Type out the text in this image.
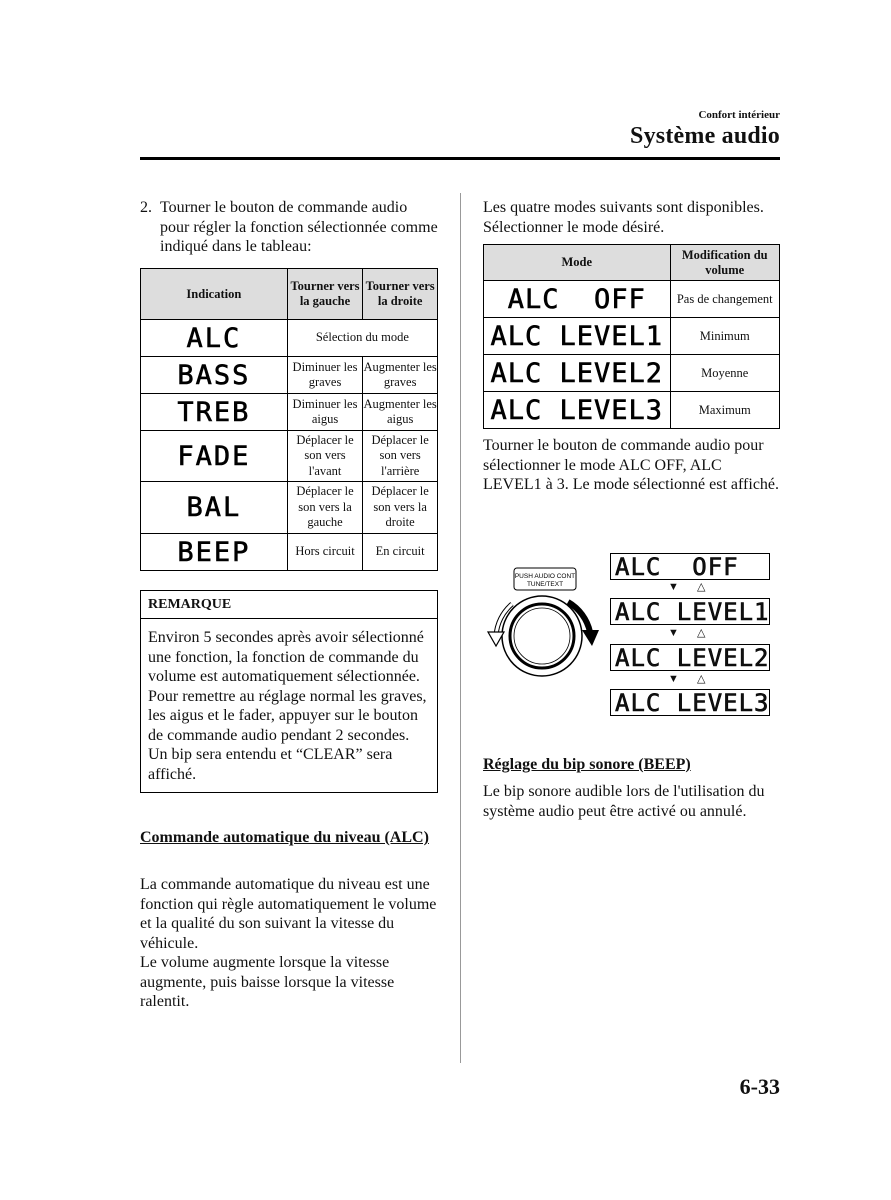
Confort intérieur
Système audio
2. Tourner le bouton de commande audio pour régler la fonction sélectionnée comme indiqué dans le tableau:
Indication	Tourner vers la gauche	Tourner vers la droite
ALC	Sélection du mode	
BASS	Diminuer les graves	Augmenter les graves
TREB	Diminuer les aigus	Augmenter les aigus
FADE	Déplacer le son vers l'avant	Déplacer le son vers l'arrière
BAL	Déplacer le son vers la gauche	Déplacer le son vers la droite
BEEP	Hors circuit	En circuit
REMARQUE
Environ 5 secondes après avoir sélectionné une fonction, la fonction de commande du volume est automatiquement sélectionnée. Pour remettre au réglage normal les graves, les aigus et le fader, appuyer sur le bouton de commande audio pendant 2 secondes. Un bip sera entendu et “CLEAR” sera affiché.
Commande automatique du niveau (ALC)
La commande automatique du niveau est une fonction qui règle automatiquement le volume et la qualité du son suivant la vitesse du véhicule.
Le volume augmente lorsque la vitesse augmente, puis baisse lorsque la vitesse ralentit.
Les quatre modes suivants sont disponibles. Sélectionner le mode désiré.
Mode	Modification du volume
ALC  OFF	Pas de changement
ALC LEVEL1	Minimum
ALC LEVEL2	Moyenne
ALC LEVEL3	Maximum
Tourner le bouton de commande audio pour sélectionner le mode ALC OFF, ALC LEVEL1 à 3. Le mode sélectionné est affiché.
PUSH AUDIO CONT
TUNE/TEXT
ALC  OFF
▼ △
ALC LEVEL1
▼ △
ALC LEVEL2
▼ △
ALC LEVEL3
Réglage du bip sonore (BEEP)
Le bip sonore audible lors de l'utilisation du système audio peut être activé ou annulé.
6-33
